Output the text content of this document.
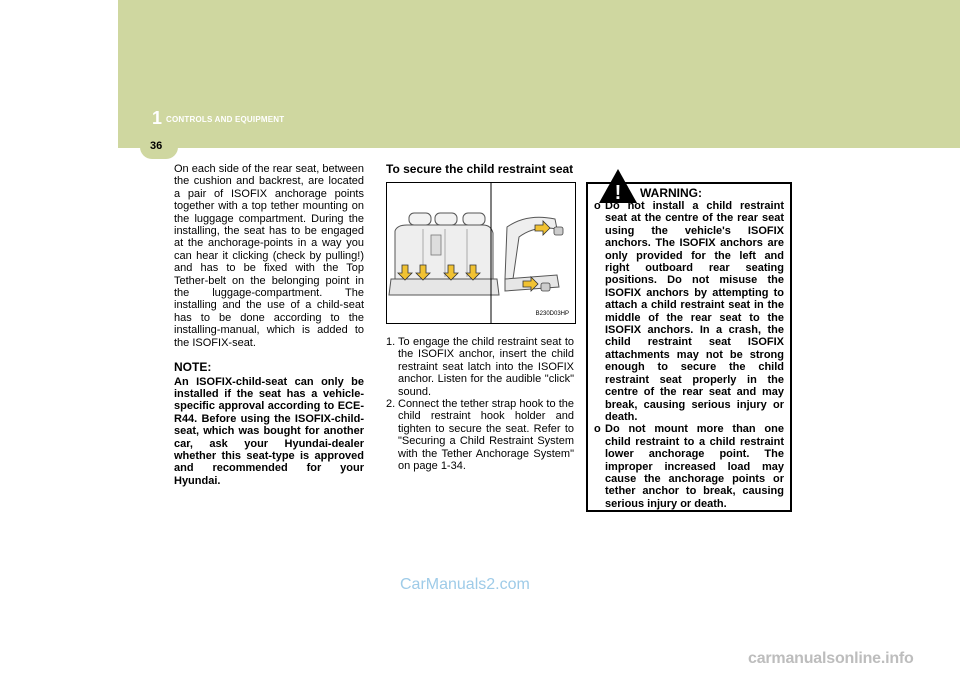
1 CONTROLS AND EQUIPMENT
36

On each side of the rear seat, between the cushion and backrest, are located a pair of ISOFIX anchorage points together with a top tether mounting on the luggage compartment. During the installing, the seat has to be engaged at the anchorage-points in a way you can hear it clicking (check by pulling!) and has to be fixed with the Top Tether-belt on the belonging point in the luggage-compartment. The installing and the use of a child-seat has to be done according to the installing-manual, which is added to the ISOFIX-seat.

NOTE:

An ISOFIX-child-seat can only be installed if the seat has a vehicle-specific approval according to ECE-R44. Before using the ISOFIX-child-seat, which was bought for another car, ask your Hyundai-dealer whether this seat-type is approved and recommended for your Hyundai.

To secure the child restraint seat

B230D03HP
1. To engage the child restraint seat to the ISOFIX anchor, insert the child restraint seat latch into the ISOFIX anchor. Listen for the audible "click" sound.
2. Connect the tether strap hook to the child restraint hook holder and tighten to secure the seat. Refer to "Securing a Child Restraint System with the Tether Anchorage System" on page 1-34.
! WARNING:
o Do not install a child restraint seat at the centre of the rear seat using the vehicle's ISOFIX anchors. The ISOFIX anchors are only provided for the left and right outboard rear seating positions. Do not misuse the ISOFIX anchors by attempting to attach a child restraint seat in the middle of the rear seat to the ISOFIX anchors. In a crash, the child restraint seat ISOFIX attachments may not be strong enough to secure the child restraint seat properly in the centre of the rear seat and may break, causing serious injury or death.
o Do not mount more than one child restraint to a child restraint lower anchorage point. The improper increased load may cause the anchorage points or tether anchor to break, causing serious injury or death.
CarManuals2.com
carmanualsonline.info
